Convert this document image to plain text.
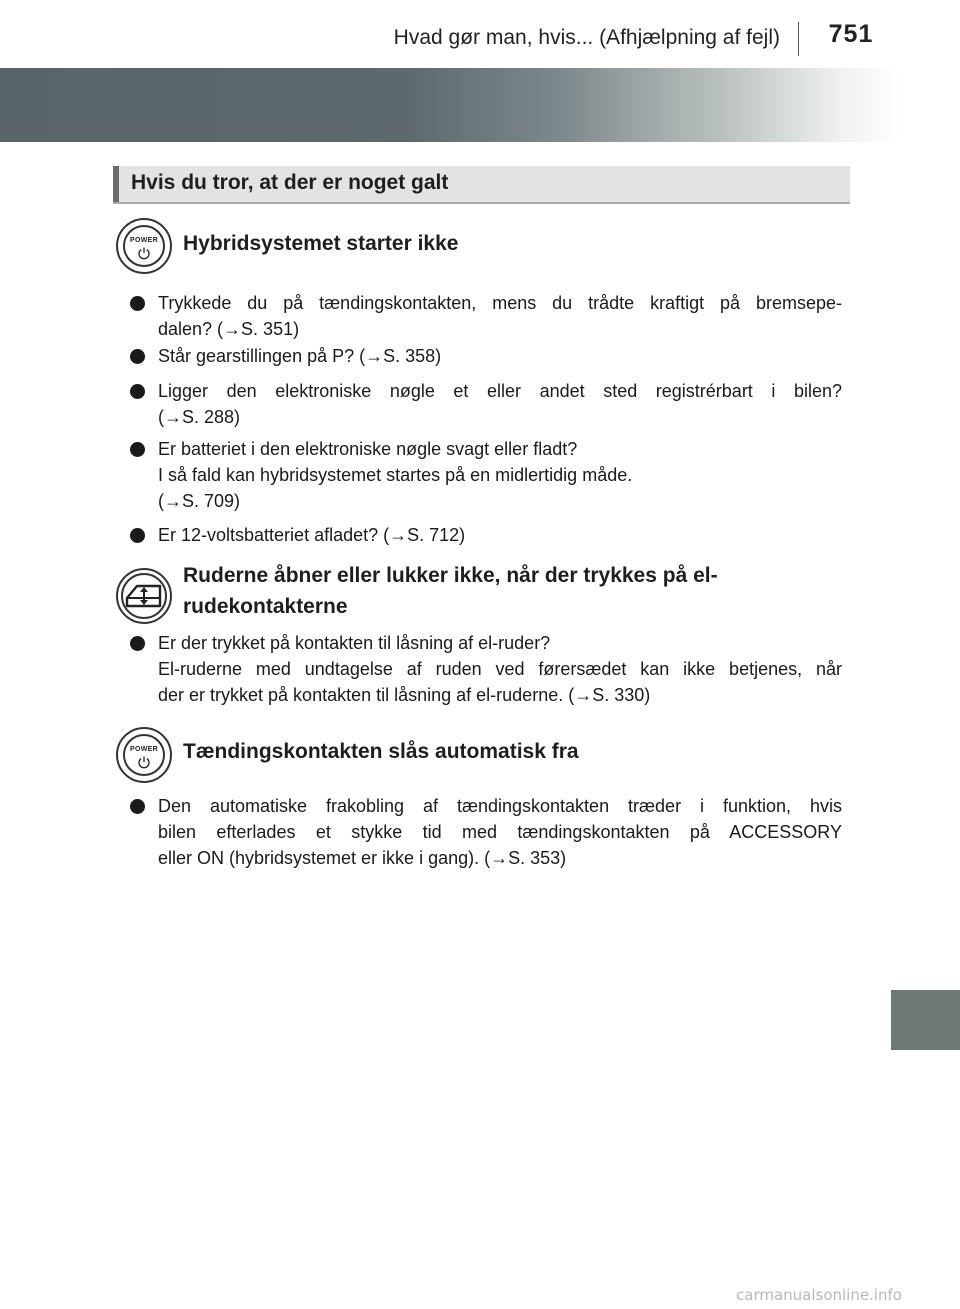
Hvad gør man, hvis... (Afhjælpning af fejl)	751
Hvis du tror, at der er noget galt
POWER Hybridsystemet starter ikke
Trykkede du på tændingskontakten, mens du trådte kraftigt på bremsepe-
dalen? (→S. 351)
Står gearstillingen på P? (→S. 358)
Ligger den elektroniske nøgle et eller andet sted registrérbart i bilen?
(→S. 288)
Er batteriet i den elektroniske nøgle svagt eller fladt?
I så fald kan hybridsystemet startes på en midlertidig måde.
(→S. 709)
Er 12-voltsbatteriet afladet? (→S. 712)
Ruderne åbner eller lukker ikke, når der trykkes på el-
rudekontakterne
Er der trykket på kontakten til låsning af el-ruder?
El-ruderne med undtagelse af ruden ved førersædet kan ikke betjenes, når
der er trykket på kontakten til låsning af el-ruderne. (→S. 330)
POWER Tændingskontakten slås automatisk fra
Den automatiske frakobling af tændingskontakten træder i funktion, hvis
bilen efterlades et stykke tid med tændingskontakten på ACCESSORY
eller ON (hybridsystemet er ikke i gang). (→S. 353)
carmanualsonline.info
